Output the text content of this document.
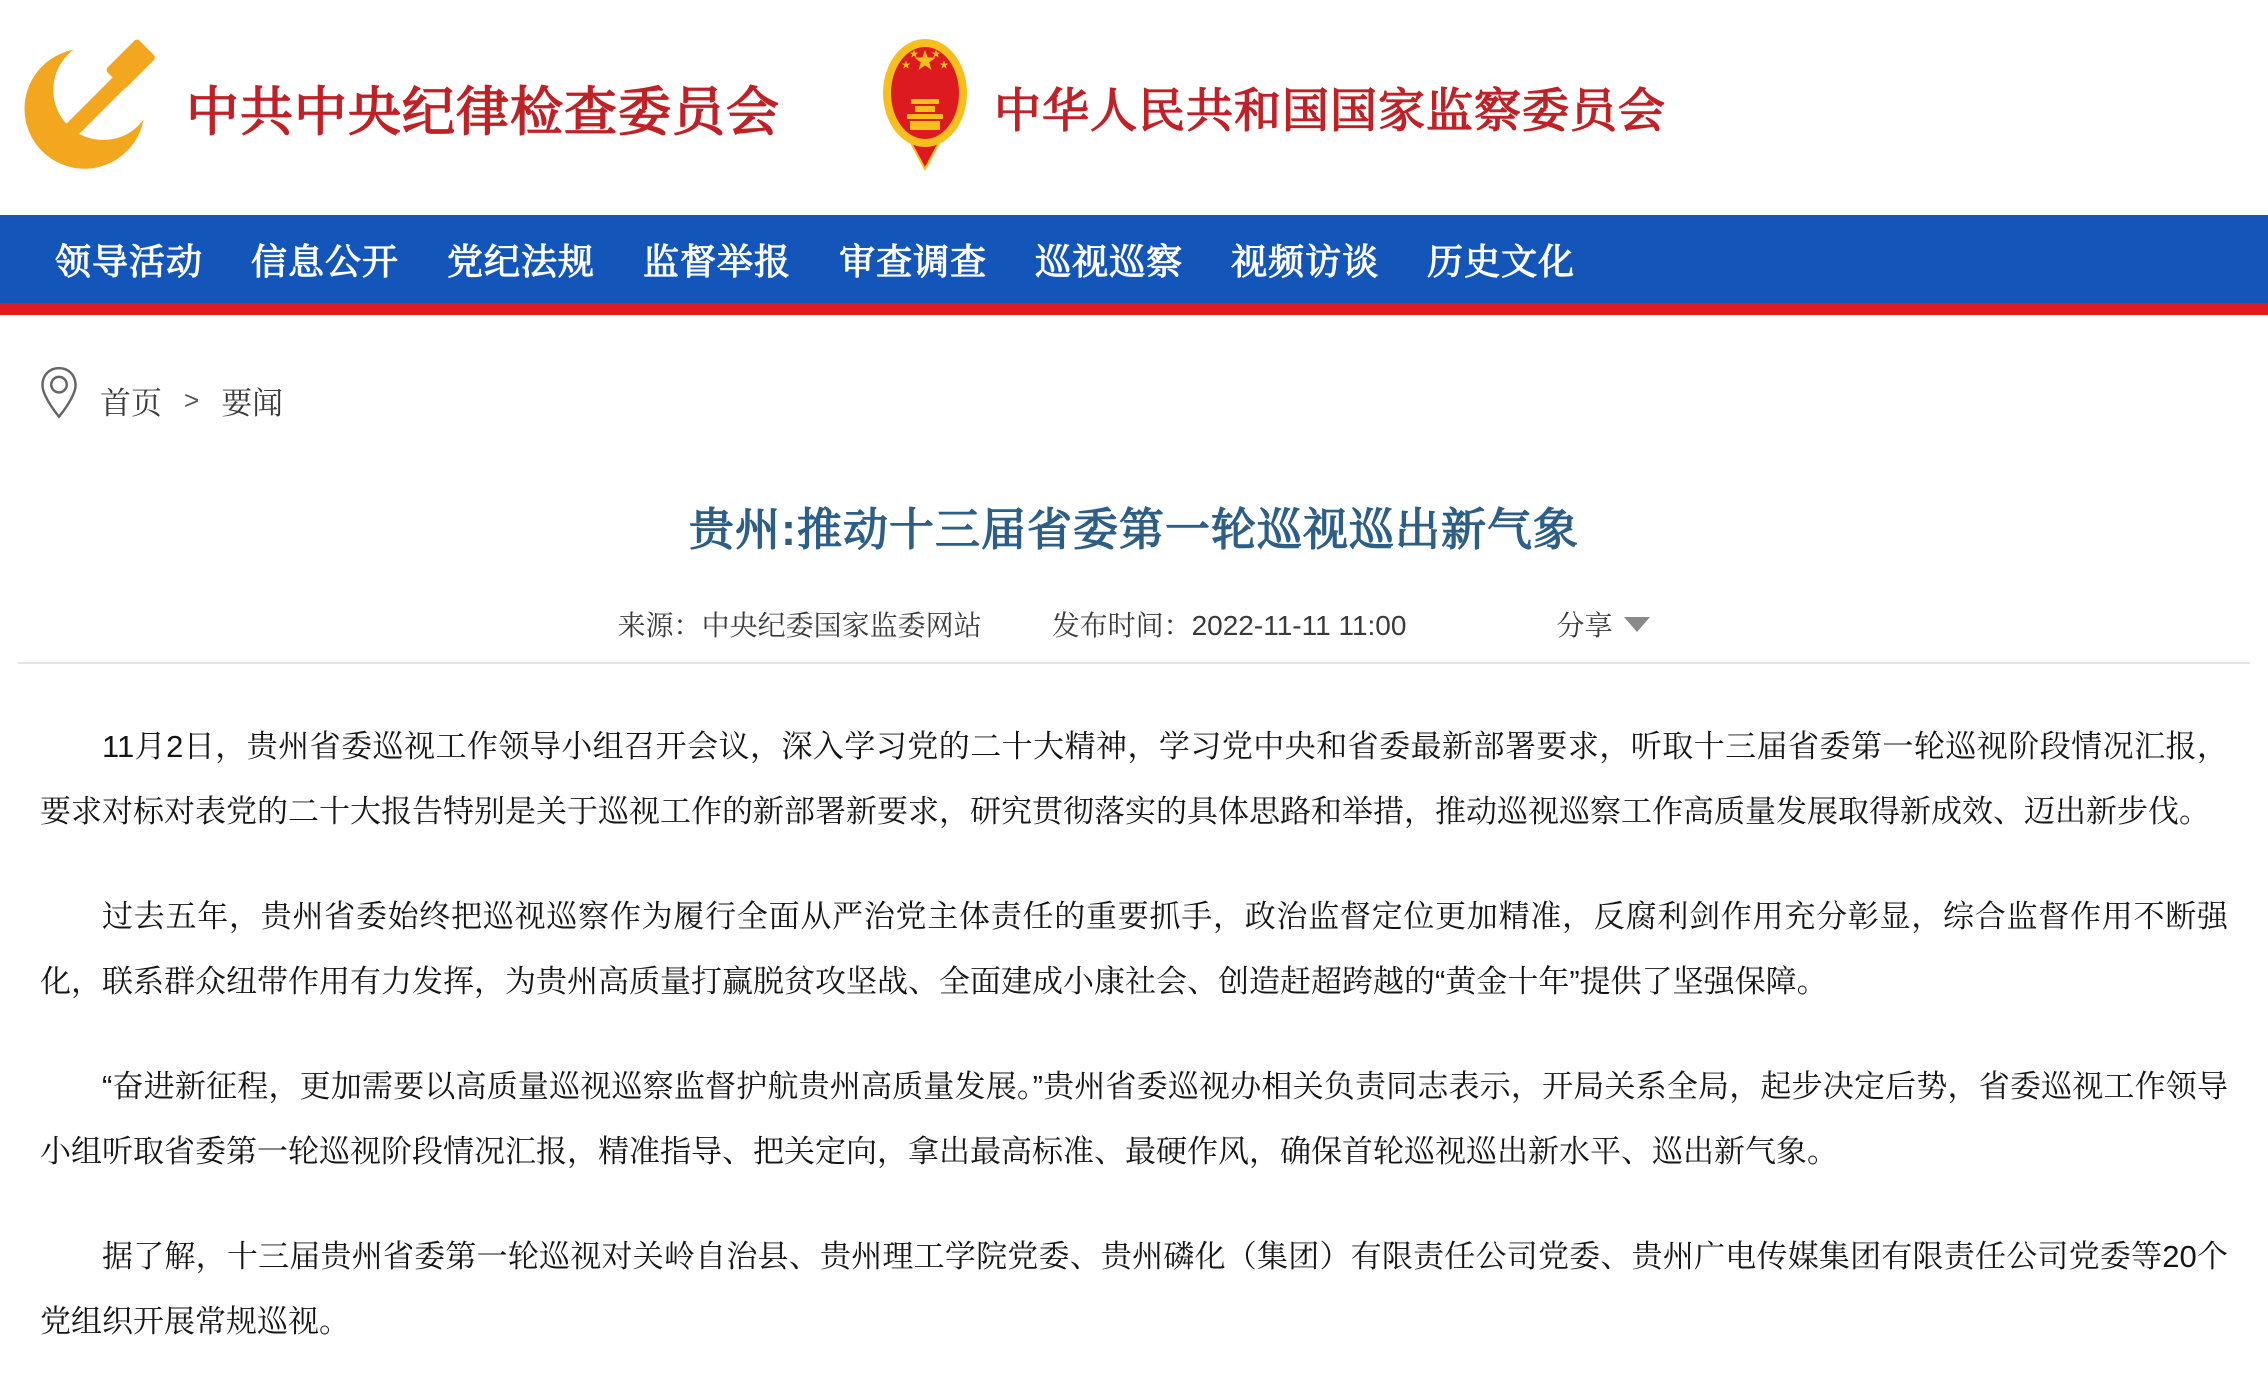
中共中央纪律检查委员会	中华人民共和国国家监察委员会
领导活动 信息公开 党纪法规 监督举报 审查调查 巡视巡察 视频访谈 历史文化
首页 > 要闻
贵州:推动十三届省委第一轮巡视巡出新气象
来源：中央纪委国家监委网站	发布时间：2022-11-11 11:00	分享

11月2日，贵州省委巡视工作领导小组召开会议，深入学习党的二十大精神，学习党中央和省委最新部署要求，听取十三届省委第一轮巡视阶段情况汇报，要求对标对表党的二十大报告特别是关于巡视工作的新部署新要求，研究贯彻落实的具体思路和举措，推动巡视巡察工作高质量发展取得新成效、迈出新步伐。

过去五年，贵州省委始终把巡视巡察作为履行全面从严治党主体责任的重要抓手，政治监督定位更加精准，反腐利剑作用充分彰显，综合监督作用不断强化，联系群众纽带作用有力发挥，为贵州高质量打赢脱贫攻坚战、全面建成小康社会、创造赶超跨越的“黄金十年”提供了坚强保障。

“奋进新征程，更加需要以高质量巡视巡察监督护航贵州高质量发展。”贵州省委巡视办相关负责同志表示，开局关系全局，起步决定后势，省委巡视工作领导小组听取省委第一轮巡视阶段情况汇报，精准指导、把关定向，拿出最高标准、最硬作风，确保首轮巡视巡出新水平、巡出新气象。

据了解，十三届贵州省委第一轮巡视对关岭自治县、贵州理工学院党委、贵州磷化（集团）有限责任公司党委、贵州广电传媒集团有限责任公司党委等20个党组织开展常规巡视。
